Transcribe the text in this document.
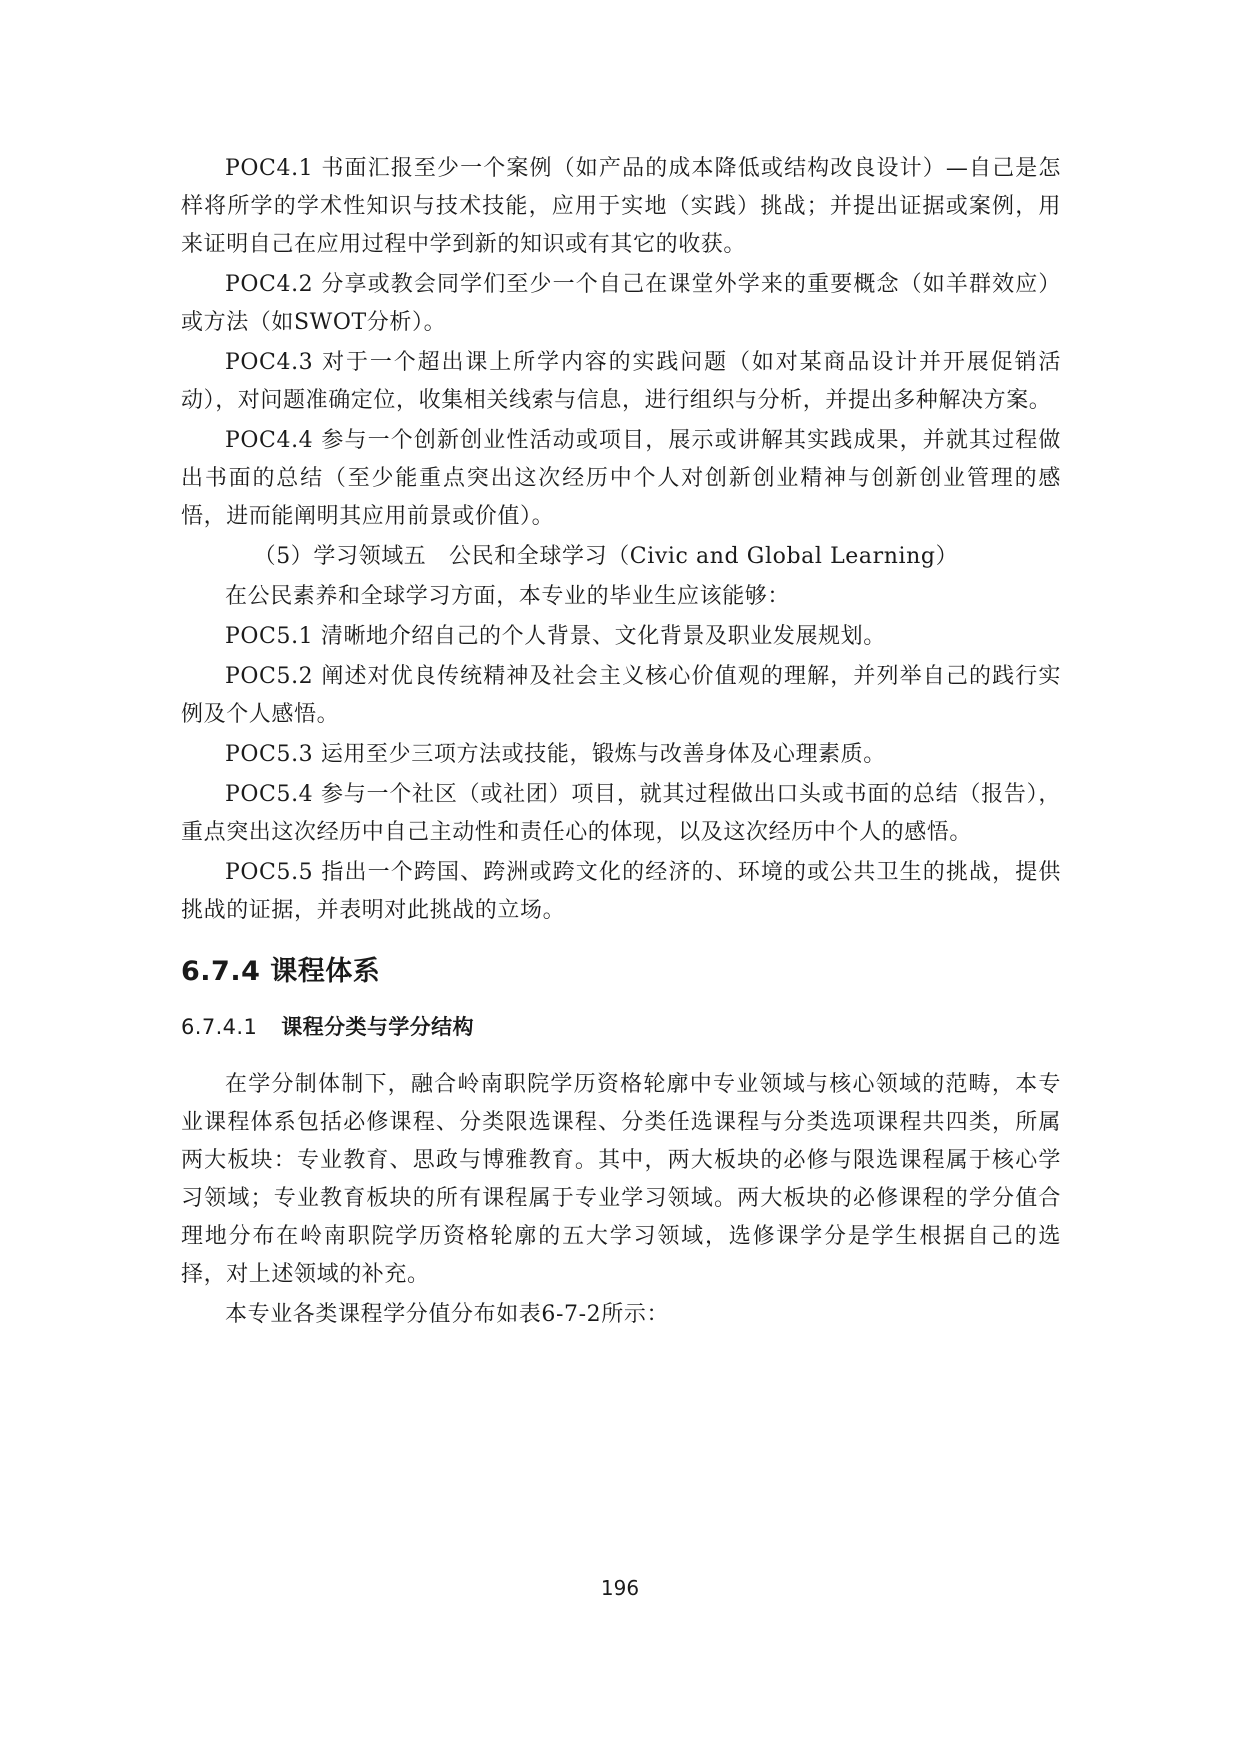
POC4.1 书面汇报至少一个案例（如产品的成本降低或结构改良设计）—自己是怎样将所学的学术性知识与技术技能，应用于实地（实践）挑战；并提出证据或案例，用来证明自己在应用过程中学到新的知识或有其它的收获。

POC4.2 分享或教会同学们至少一个自己在课堂外学来的重要概念（如羊群效应）或方法（如SWOT分析）。

POC4.3 对于一个超出课上所学内容的实践问题（如对某商品设计并开展促销活动），对问题准确定位，收集相关线索与信息，进行组织与分析，并提出多种解决方案。

POC4.4 参与一个创新创业性活动或项目，展示或讲解其实践成果，并就其过程做出书面的总结（至少能重点突出这次经历中个人对创新创业精神与创新创业管理的感悟，进而能阐明其应用前景或价值）。

（5）学习领域五　公民和全球学习（Civic and Global Learning）

在公民素养和全球学习方面，本专业的毕业生应该能够：

POC5.1 清晰地介绍自己的个人背景、文化背景及职业发展规划。

POC5.2 阐述对优良传统精神及社会主义核心价值观的理解，并列举自己的践行实例及个人感悟。

POC5.3 运用至少三项方法或技能，锻炼与改善身体及心理素质。

POC5.4 参与一个社区（或社团）项目，就其过程做出口头或书面的总结（报告），重点突出这次经历中自己主动性和责任心的体现，以及这次经历中个人的感悟。

POC5.5 指出一个跨国、跨洲或跨文化的经济的、环境的或公共卫生的挑战，提供挑战的证据，并表明对此挑战的立场。

6.7.4 课程体系
6.7.4.1 课程分类与学分结构

在学分制体制下，融合岭南职院学历资格轮廓中专业领域与核心领域的范畴，本专业课程体系包括必修课程、分类限选课程、分类任选课程与分类选项课程共四类，所属两大板块：专业教育、思政与博雅教育。其中，两大板块的必修与限选课程属于核心学习领域；专业教育板块的所有课程属于专业学习领域。两大板块的必修课程的学分值合理地分布在岭南职院学历资格轮廓的五大学习领域，选修课学分是学生根据自己的选择，对上述领域的补充。

本专业各类课程学分值分布如表6-7-2所示：

196
